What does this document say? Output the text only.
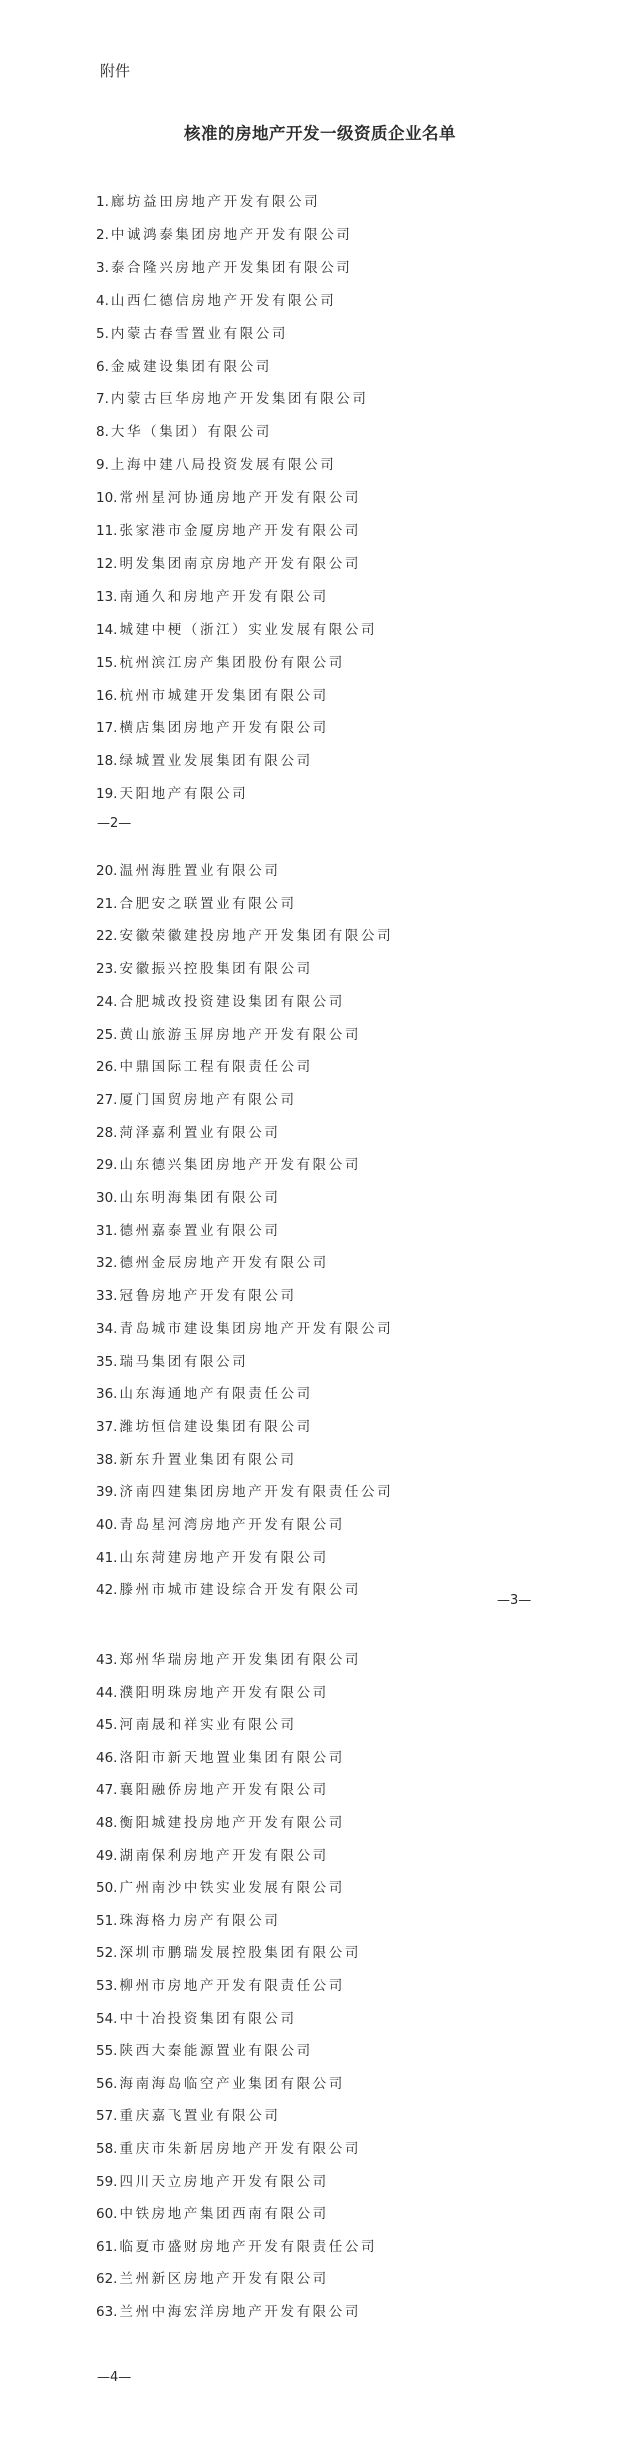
附件
核准的房地产开发一级资质企业名单
1. 廊坊益田房地产开发有限公司
2. 中诚鸿泰集团房地产开发有限公司
3. 泰合隆兴房地产开发集团有限公司
4. 山西仁德信房地产开发有限公司
5. 内蒙古春雪置业有限公司
6. 金威建设集团有限公司
7. 内蒙古巨华房地产开发集团有限公司
8. 大华（集团）有限公司
9. 上海中建八局投资发展有限公司
10. 常州星河协通房地产开发有限公司
11. 张家港市金厦房地产开发有限公司
12. 明发集团南京房地产开发有限公司
13. 南通久和房地产开发有限公司
14. 城建中梗（浙江）实业发展有限公司
15. 杭州滨江房产集团股份有限公司
16. 杭州市城建开发集团有限公司
17. 横店集团房地产开发有限公司
18. 绿城置业发展集团有限公司
19. 天阳地产有限公司
20. 温州海胜置业有限公司
21. 合肥安之联置业有限公司
22. 安徽荣徽建投房地产开发集团有限公司
23. 安徽振兴控股集团有限公司
24. 合肥城改投资建设集团有限公司
25. 黄山旅游玉屏房地产开发有限公司
26. 中鼎国际工程有限责任公司
27. 厦门国贸房地产有限公司
28. 菏泽嘉利置业有限公司
29. 山东德兴集团房地产开发有限公司
30. 山东明海集团有限公司
31. 德州嘉泰置业有限公司
32. 德州金辰房地产开发有限公司
33. 冠鲁房地产开发有限公司
34. 青岛城市建设集团房地产开发有限公司
35. 瑞马集团有限公司
36. 山东海通地产有限责任公司
37. 潍坊恒信建设集团有限公司
38. 新东升置业集团有限公司
39. 济南四建集团房地产开发有限责任公司
40. 青岛星河湾房地产开发有限公司
41. 山东菏建房地产开发有限公司
42. 滕州市城市建设综合开发有限公司
43. 郑州华瑞房地产开发集团有限公司
44. 濮阳明珠房地产开发有限公司
45. 河南晟和祥实业有限公司
46. 洛阳市新天地置业集团有限公司
47. 襄阳融侨房地产开发有限公司
48. 衡阳城建投房地产开发有限公司
49. 湖南保利房地产开发有限公司
50. 广州南沙中铁实业发展有限公司
51. 珠海格力房产有限公司
52. 深圳市鹏瑞发展控股集团有限公司
53. 柳州市房地产开发有限责任公司
54. 中十冶投资集团有限公司
55. 陕西大秦能源置业有限公司
56. 海南海岛临空产业集团有限公司
57. 重庆嘉飞置业有限公司
58. 重庆市朱新居房地产开发有限公司
59. 四川天立房地产开发有限公司
60. 中铁房地产集团西南有限公司
61. 临夏市盛财房地产开发有限责任公司
62. 兰州新区房地产开发有限公司
63. 兰州中海宏洋房地产开发有限公司
—2—
—3—
—4—
